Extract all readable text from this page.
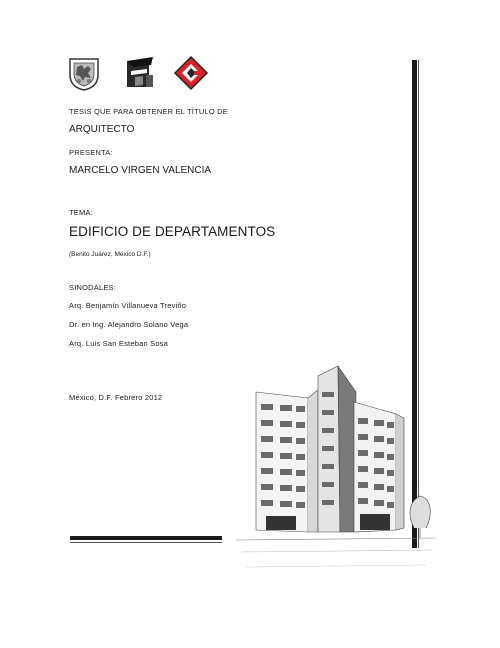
TESIS QUE PARA OBTENER EL TÍTULO DE
ARQUITECTO
PRESENTA:
MARCELO VIRGEN VALENCIA
TEMA:
EDIFICIO DE DEPARTAMENTOS
(Benito Juárez, México D.F.)
SINODALES:
Arq. Benjamín Villanueva Treviño
Dr. en Ing. Alejandro Solano Vega
Arq. Luis San Esteban Sosa
México, D.F. Febrero 2012
